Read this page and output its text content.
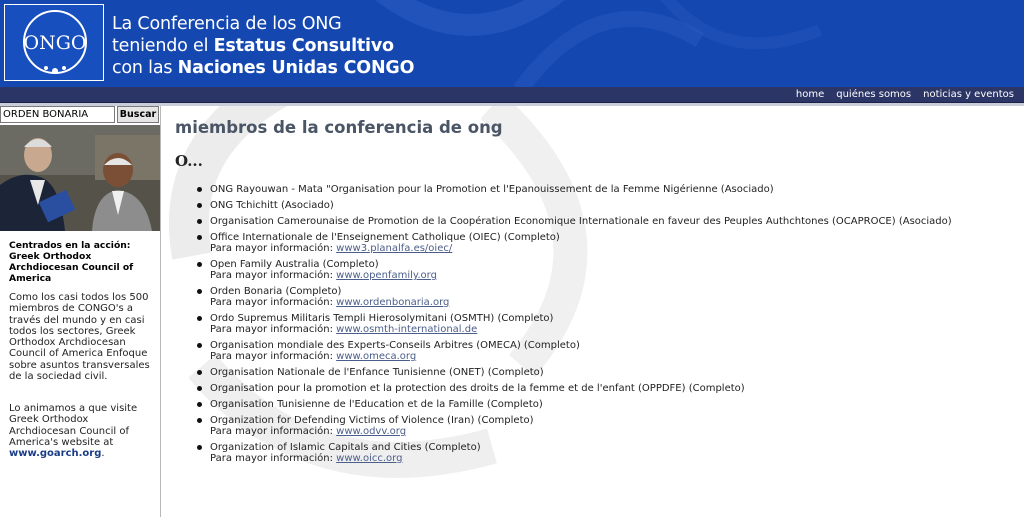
ONGO
La Conferencia de los ONG
teniendo el Estatus Consultivo
con las Naciones Unidas CONGO
home quiénes somos noticias y eventos
ORDEN BONARIA
Buscar
Centrados en la acción: Greek Orthodox Archdiocesan Council of America
Como los casi todos los 500 miembros de CONGO's a través del mundo y en casi todos los sectores, Greek Orthodox Archdiocesan Council of America Enfoque sobre asuntos transversales de la sociedad civil.
Lo animamos a que visite Greek Orthodox Archdiocesan Council of America's website at www.goarch.org.
miembros de la conferencia de ong
O...
ONG Rayouwan - Mata "Organisation pour la Promotion et l'Epanouissement de la Femme Nigérienne (Asociado)
ONG Tchichitt (Asociado)
Organisation Camerounaise de Promotion de la Coopération Economique Internationale en faveur des Peuples Authchtones (OCAPROCE) (Asociado)
Office Internationale de l'Enseignement Catholique (OIEC) (Completo)
Para mayor información: www3.planalfa.es/oiec/
Open Family Australia (Completo)
Para mayor información: www.openfamily.org
Orden Bonaria (Completo)
Para mayor información: www.ordenbonaria.org
Ordo Supremus Militaris Templi Hierosolymitani (OSMTH) (Completo)
Para mayor información: www.osmth-international.de
Organisation mondiale des Experts-Conseils Arbitres (OMECA) (Completo)
Para mayor información: www.omeca.org
Organisation Nationale de l'Enfance Tunisienne (ONET) (Completo)
Organisation pour la promotion et la protection des droits de la femme et de l'enfant (OPPDFE) (Completo)
Organisation Tunisienne de l'Education et de la Famille (Completo)
Organization for Defending Victims of Violence (Iran) (Completo)
Para mayor información: www.odvv.org
Organization of Islamic Capitals and Cities (Completo)
Para mayor información: www.oicc.org
